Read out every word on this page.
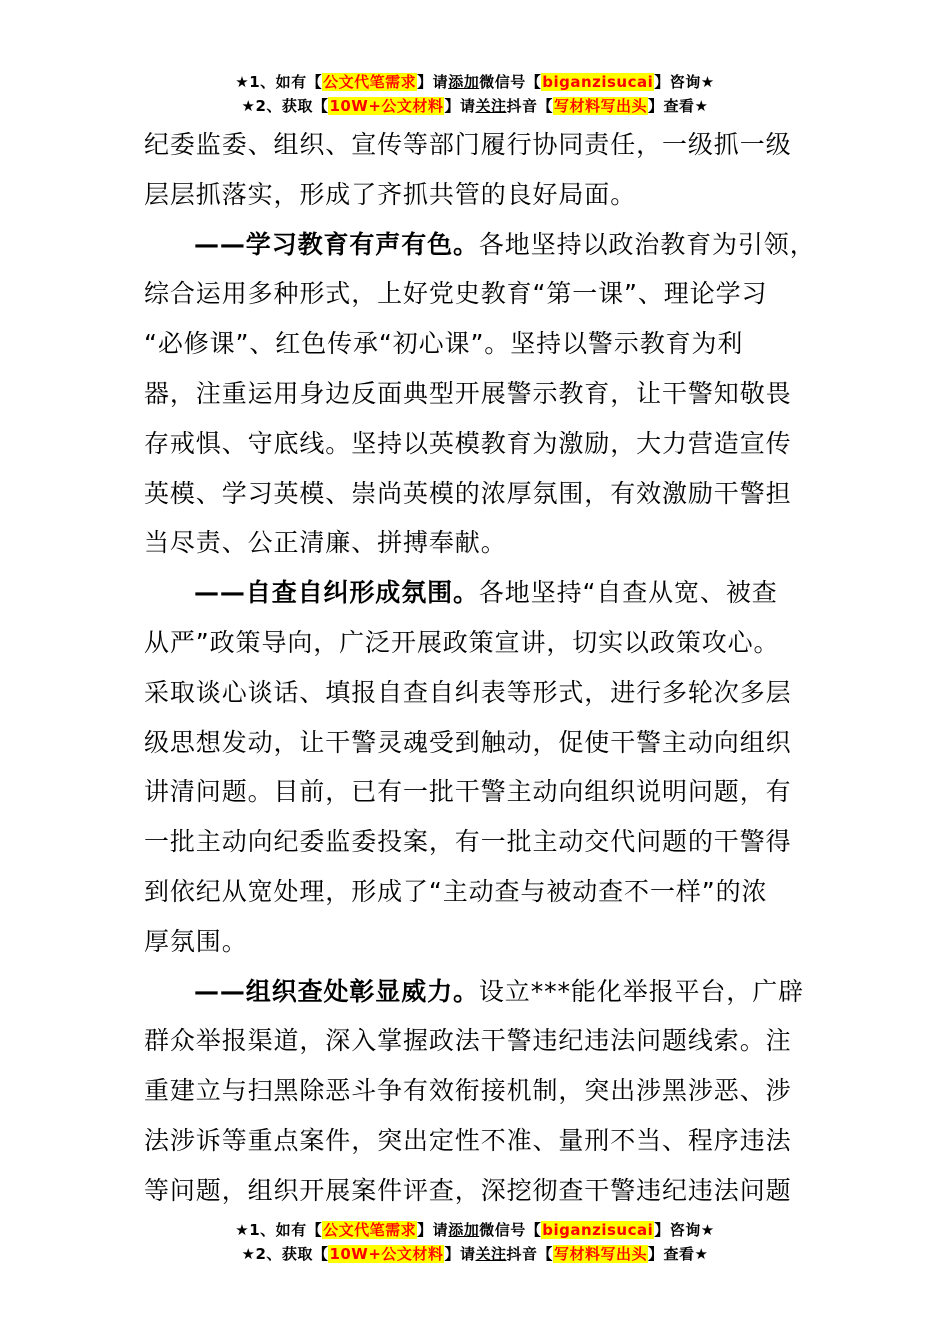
★1、如有【公文代笔需求】请添加微信号【biganzisucai】咨询★
★2、获取【10W+公文材料】请关注抖音【写材料写出头】查看★
纪委监委、组织、宣传等部门履行协同责任，一级抓一级
层层抓落实，形成了齐抓共管的良好局面。
——学习教育有声有色。各地坚持以政治教育为引领，
综合运用多种形式，上好党史教育“第一课”、理论学习
“必修课”、红色传承“初心课”。坚持以警示教育为利
器，注重运用身边反面典型开展警示教育，让干警知敬畏
存戒惧、守底线。坚持以英模教育为激励，大力营造宣传
英模、学习英模、崇尚英模的浓厚氛围，有效激励干警担
当尽责、公正清廉、拼搏奉献。
——自查自纠形成氛围。各地坚持“自查从宽、被查
从严”政策导向，广泛开展政策宣讲，切实以政策攻心。
采取谈心谈话、填报自查自纠表等形式，进行多轮次多层
级思想发动，让干警灵魂受到触动，促使干警主动向组织
讲清问题。目前，已有一批干警主动向组织说明问题，有
一批主动向纪委监委投案，有一批主动交代问题的干警得
到依纪从宽处理，形成了“主动查与被动查不一样”的浓
厚氛围。
——组织查处彰显威力。设立***能化举报平台，广辟
群众举报渠道，深入掌握政法干警违纪违法问题线索。注
重建立与扫黑除恶斗争有效衔接机制，突出涉黑涉恶、涉
法涉诉等重点案件，突出定性不准、量刑不当、程序违法
等问题，组织开展案件评查，深挖彻查干警违纪违法问题
★1、如有【公文代笔需求】请添加微信号【biganzisucai】咨询★
★2、获取【10W+公文材料】请关注抖音【写材料写出头】查看★
